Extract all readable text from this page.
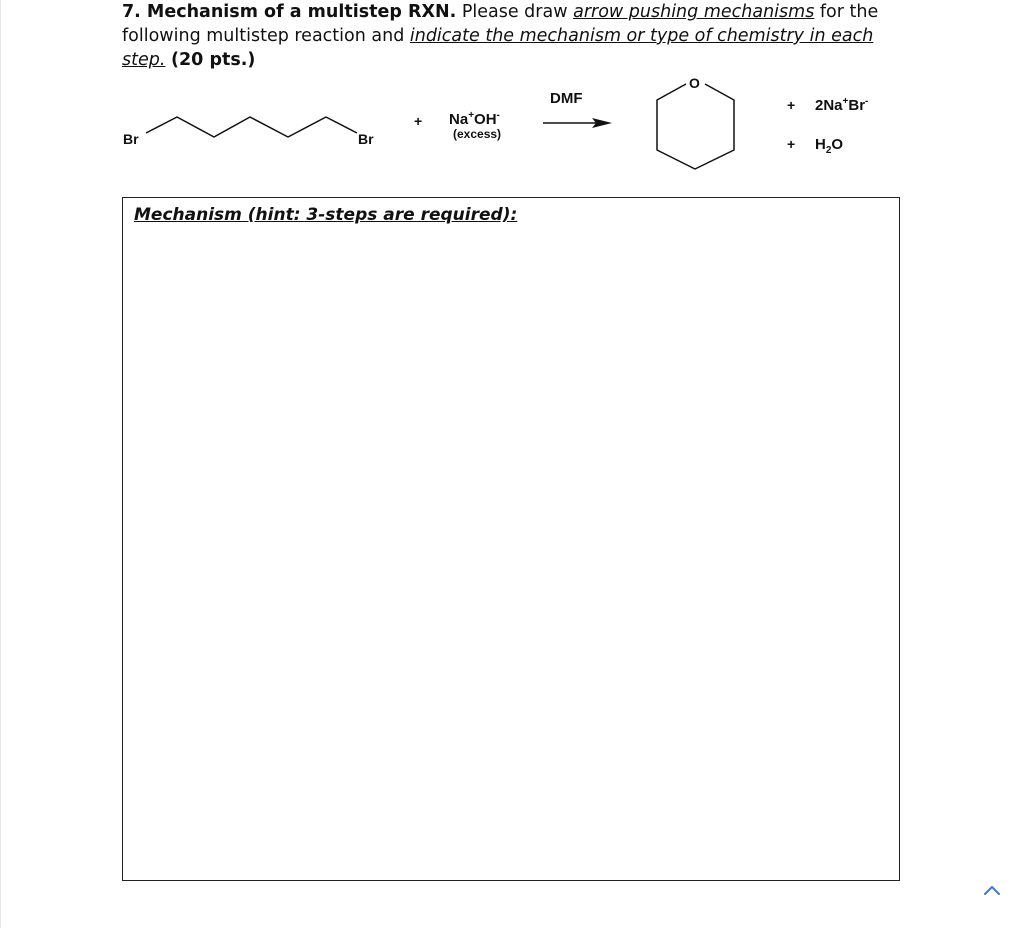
7. Mechanism of a multistep RXN. Please draw arrow pushing mechanisms for the following multistep reaction and indicate the mechanism or type of chemistry in each step. (20 pts.)
Br	Br
+ Na+OH-
(excess)
DMF
O
+ 2Na+Br-
+ $H_2O$
Mechanism (hint: 3-steps are required):
